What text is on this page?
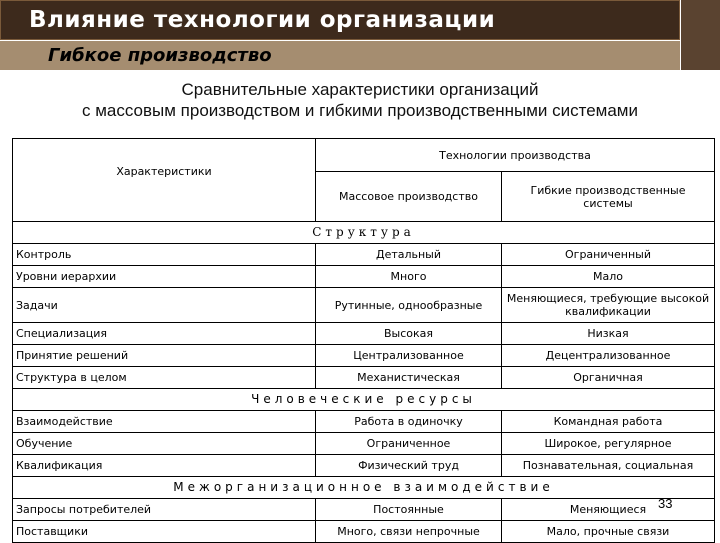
Влияние технологии организации
Гибкое производство
Сравнительные характеристики организаций
с массовым производством и гибкими производственными системами
Характеристики	Технологии производства	
	Массовое производство	Гибкие производственные системы
Структура		
Контроль	Детальный	Ограниченный
Уровни иерархии	Много	Мало
Задачи	Рутинные, однообразные	Меняющиеся, требующие высокой квалификации
Специализация	Высокая	Низкая
Принятие решений	Централизованное	Децентрализованное
Структура в целом	Механистическая	Органичная
Человеческие ресурсы		
Взаимодействие	Работа в одиночку	Командная работа
Обучение	Ограниченное	Широкое, регулярное
Квалификация	Физический труд	Познавательная, социальная
Межорганизационное взаимодействие		
Запросы потребителей	Постоянные	Меняющиеся
Поставщики	Много, связи непрочные	Мало, прочные связи
33
